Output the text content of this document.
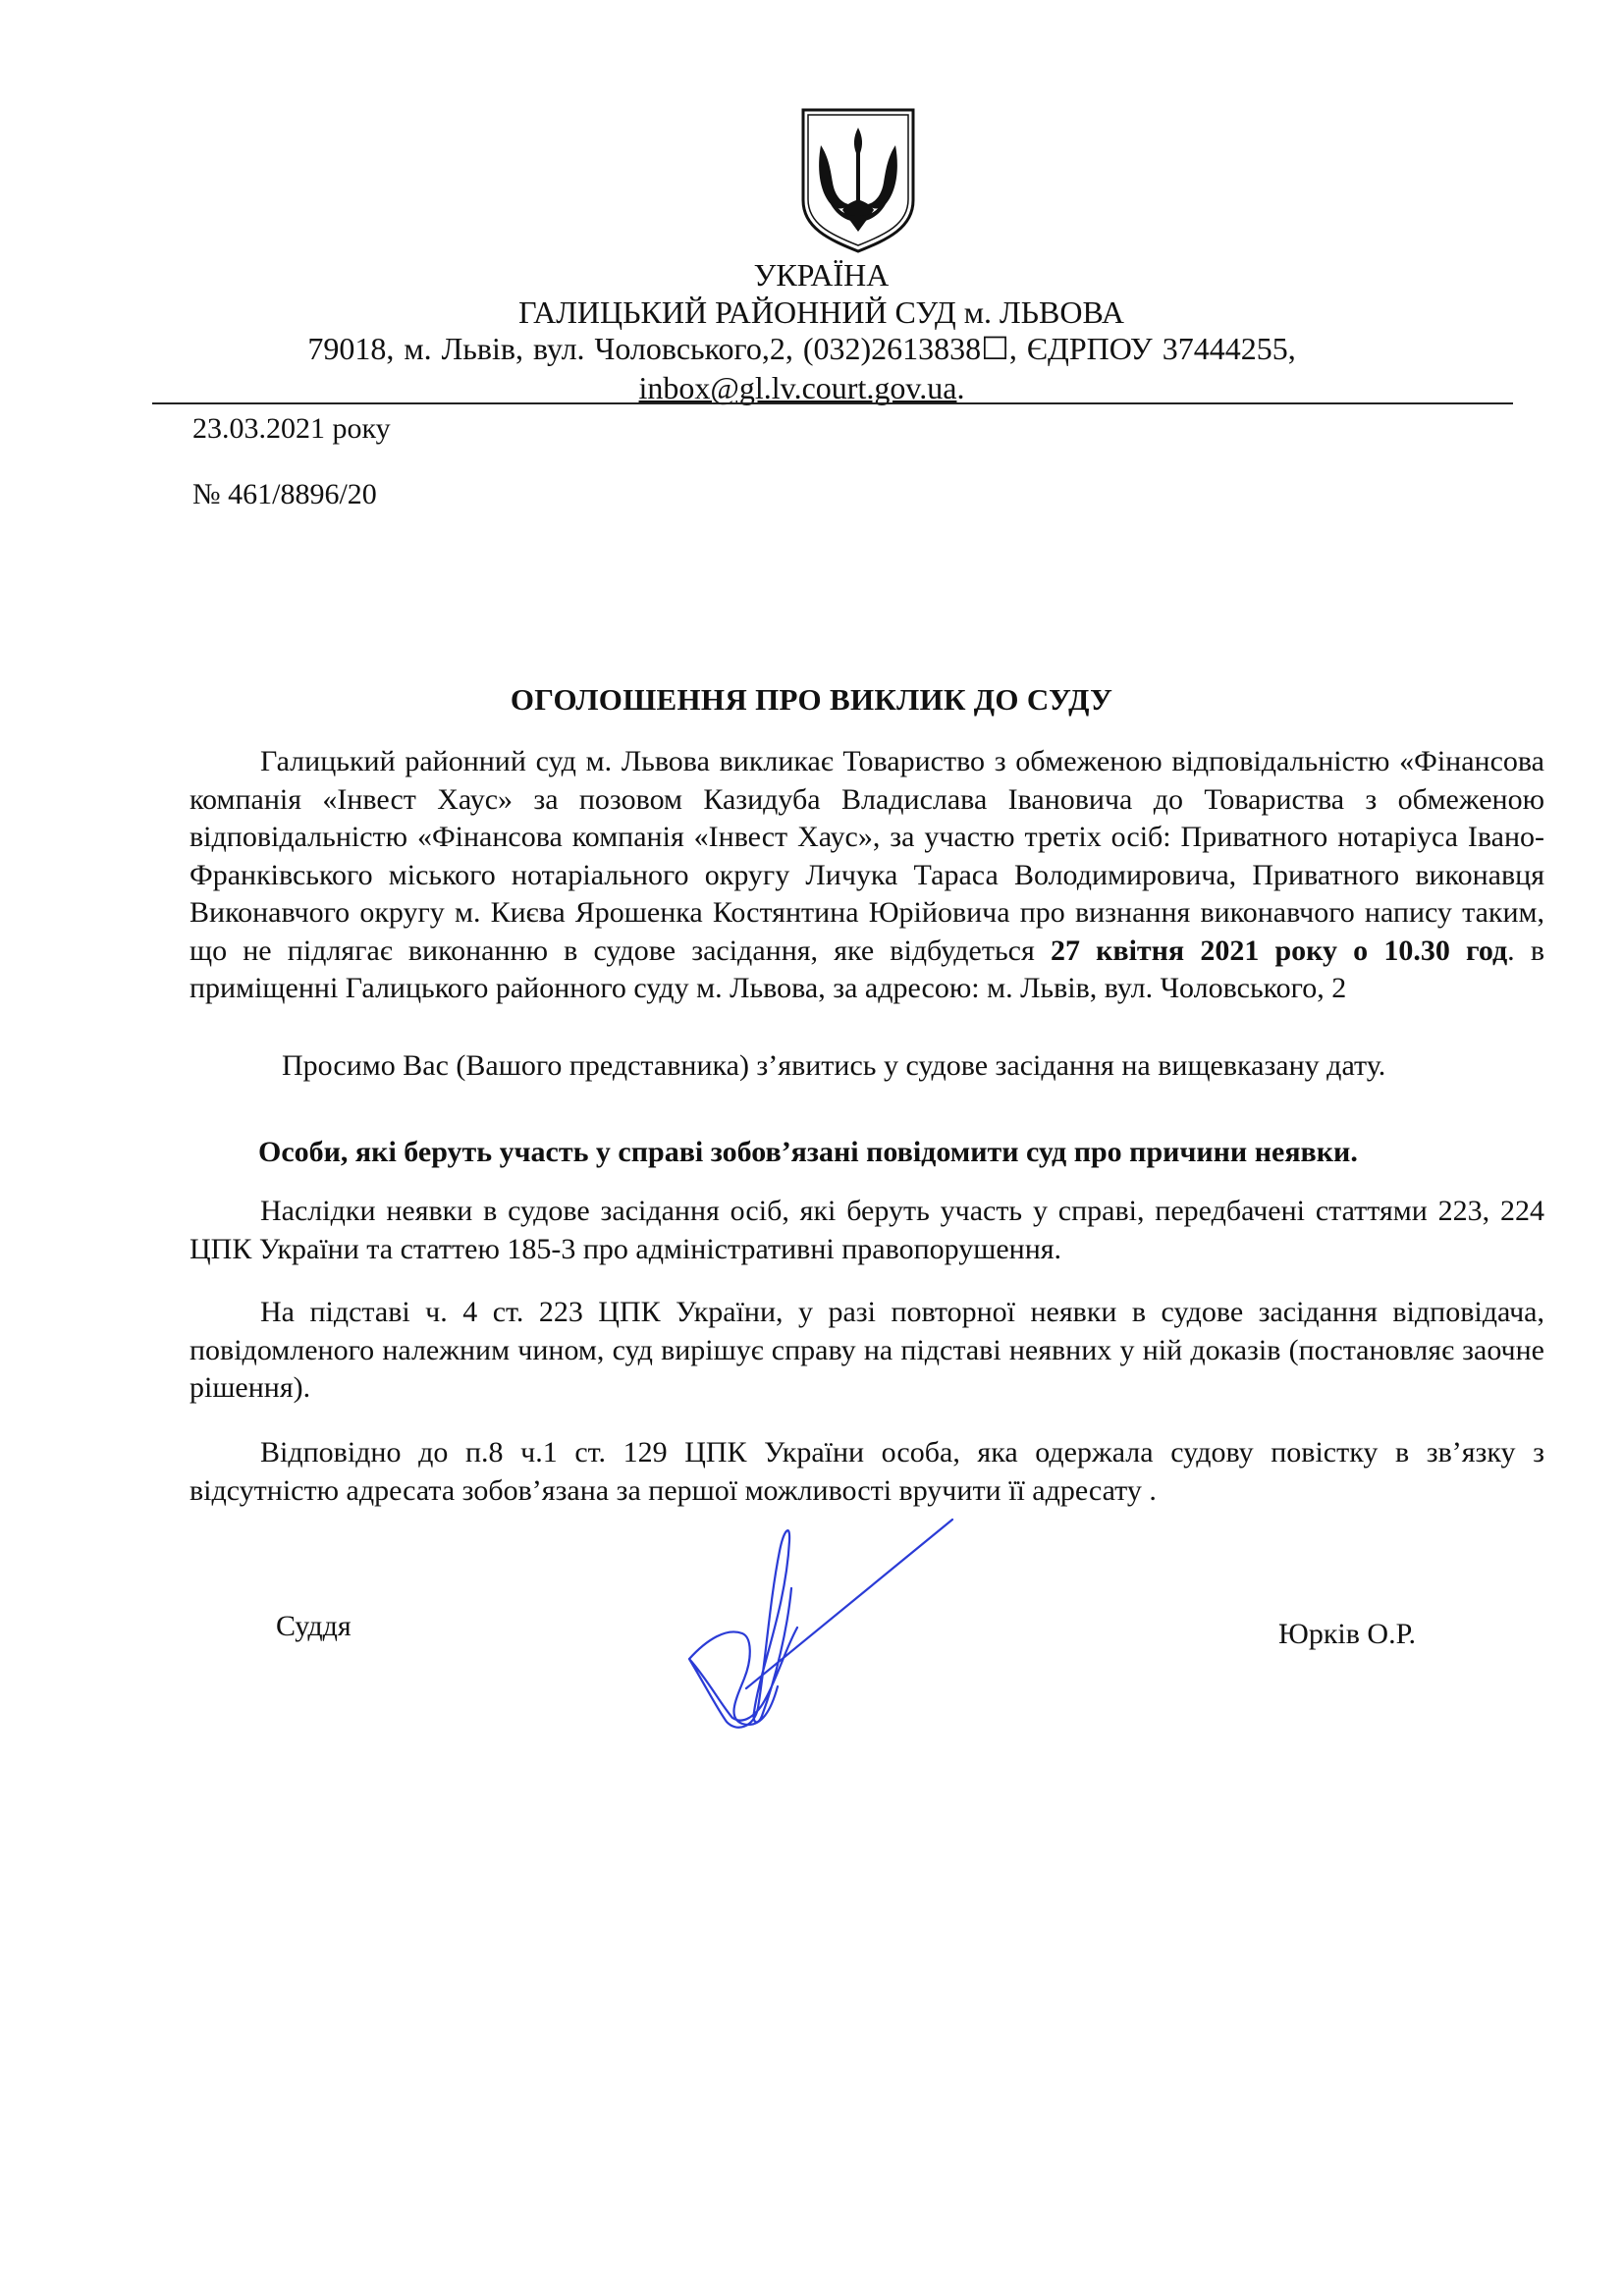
УКРАЇНА
ГАЛИЦЬКИЙ РАЙОННИЙ СУД м. ЛЬВОВА
79018, м. Львів, вул. Чоловського,2, (032)2613838☐, ЄДРПОУ 37444255,
inbox@gl.lv.court.gov.ua.
23.03.2021 року
№ 461/8896/20
ОГОЛОШЕННЯ ПРО ВИКЛИК ДО СУДУ
Галицький районний суд м. Львова викликає Товариство з обмеженою відповідальністю «Фінансова компанія «Інвест Хаус» за позовом Казидуба Владислава Івановича до Товариства з обмеженою відповідальністю «Фінансова компанія «Інвест Хаус», за участю третіх осіб: Приватного нотаріуса Івано-Франківського міського нотаріального округу Личука Тараса Володимировича, Приватного виконавця Виконавчого округу м. Києва Ярошенка Костянтина Юрійовича про визнання виконавчого напису таким, що не підлягає виконанню в судове засідання, яке відбудеться 27 квітня 2021 року о 10.30 год. в приміщенні Галицького районного суду м. Львова, за адресою: м. Львів, вул. Чоловського, 2
Просимо Вас (Вашого представника) з’явитись у судове засідання на вищевказану дату.
Особи, які беруть участь у справі зобов’язані повідомити суд про причини неявки.
Наслідки неявки в судове засідання осіб, які беруть участь у справі, передбачені статтями 223, 224 ЦПК України та статтею 185-3 про адміністративні правопорушення.
На підставі ч. 4 ст. 223 ЦПК України, у разі повторної неявки в судове засідання відповідача, повідомленого належним чином, суд вирішує справу на підставі неявних у ній доказів (постановляє заочне рішення).
Відповідно до п.8 ч.1 ст. 129 ЦПК України особа, яка одержала судову повістку в зв’язку з відсутністю адресата зобов’язана за першої можливості вручити її адресату .
Суддя	Юрків О.Р.
